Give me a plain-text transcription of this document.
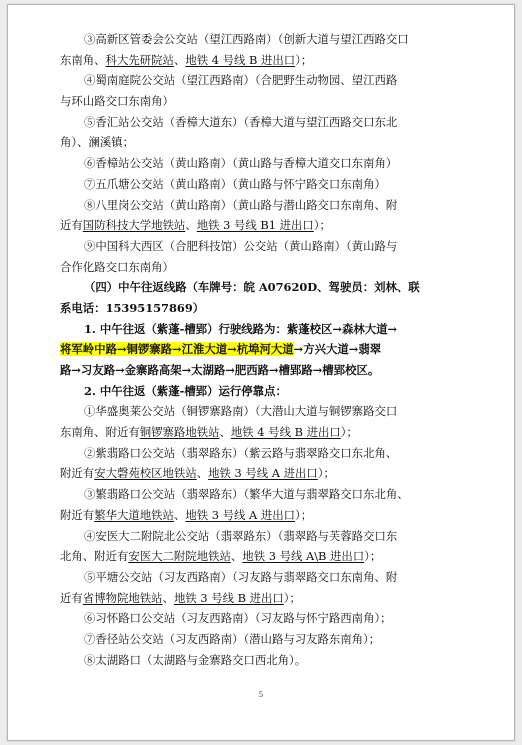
③高新区管委会公交站（望江西路南）（创新大道与望江西路交口
东南角、科大先研院站、地铁 4 号线 B 进出口）；
④蜀南庭院公交站（望江西路南）（合肥野生动物园、望江西路
与环山路交口东南角）
⑤香汇站公交站（香樟大道东）（香樟大道与望江西路交口东北
角）、澜溪镇；
⑥香樟站公交站（黄山路南）（黄山路与香樟大道交口东南角）
⑦五爪塘公交站（黄山路南）（黄山路与怀宁路交口东南角）
⑧八里岗公交站（黄山路南）（黄山路与潜山路交口东南角、附
近有国防科技大学地铁站、地铁 3 号线 B1 进出口）；
⑨中国科大西区（合肥科技馆）公交站（黄山路南）（黄山路与
合作化路交口东南角）
（四）中午往返线路（车牌号：皖 A07620D、驾驶员：刘林、联
系电话：15395157869）
1. 中午往返（紫蓬-槽郢）行驶线路为：紫蓬校区→森林大道→
将军岭中路→铜锣寨路→江淮大道→杭埠河大道→方兴大道→翡翠
路→习友路→金寨路高架→太湖路→肥西路→槽郢路→槽郢校区。
2. 中午往返（紫蓬-槽郢）运行停靠点：
①华盛奥莱公交站（铜锣寨路南）（大潜山大道与铜锣寨路交口
东南角、附近有铜锣寨路地铁站、地铁 4 号线 B 进出口）；
②紫翡路口公交站（翡翠路东）（紫云路与翡翠路交口东北角、
附近有安大磬苑校区地铁站、地铁 3 号线 A 进出口）；
③繁翡路口公交站（翡翠路东）（繁华大道与翡翠路交口东北角、
附近有繁华大道地铁站、地铁 3 号线 A 进出口）；
④安医大二附院北公交站（翡翠路东）（翡翠路与芙蓉路交口东
北角、附近有安医大二附院地铁站、地铁 3 号线 A\B 进出口）；
⑤平塘公交站（习友西路南）（习友路与翡翠路交口东南角、附
近有省博物院地铁站、地铁 3 号线 B 进出口）；
⑥习怀路口公交站（习友西路南）（习友路与怀宁路西南角）；
⑦香径站公交站（习友西路南）（潜山路与习友路东南角）；
⑧太湖路口（太湖路与金寨路交口西北角）。
5
